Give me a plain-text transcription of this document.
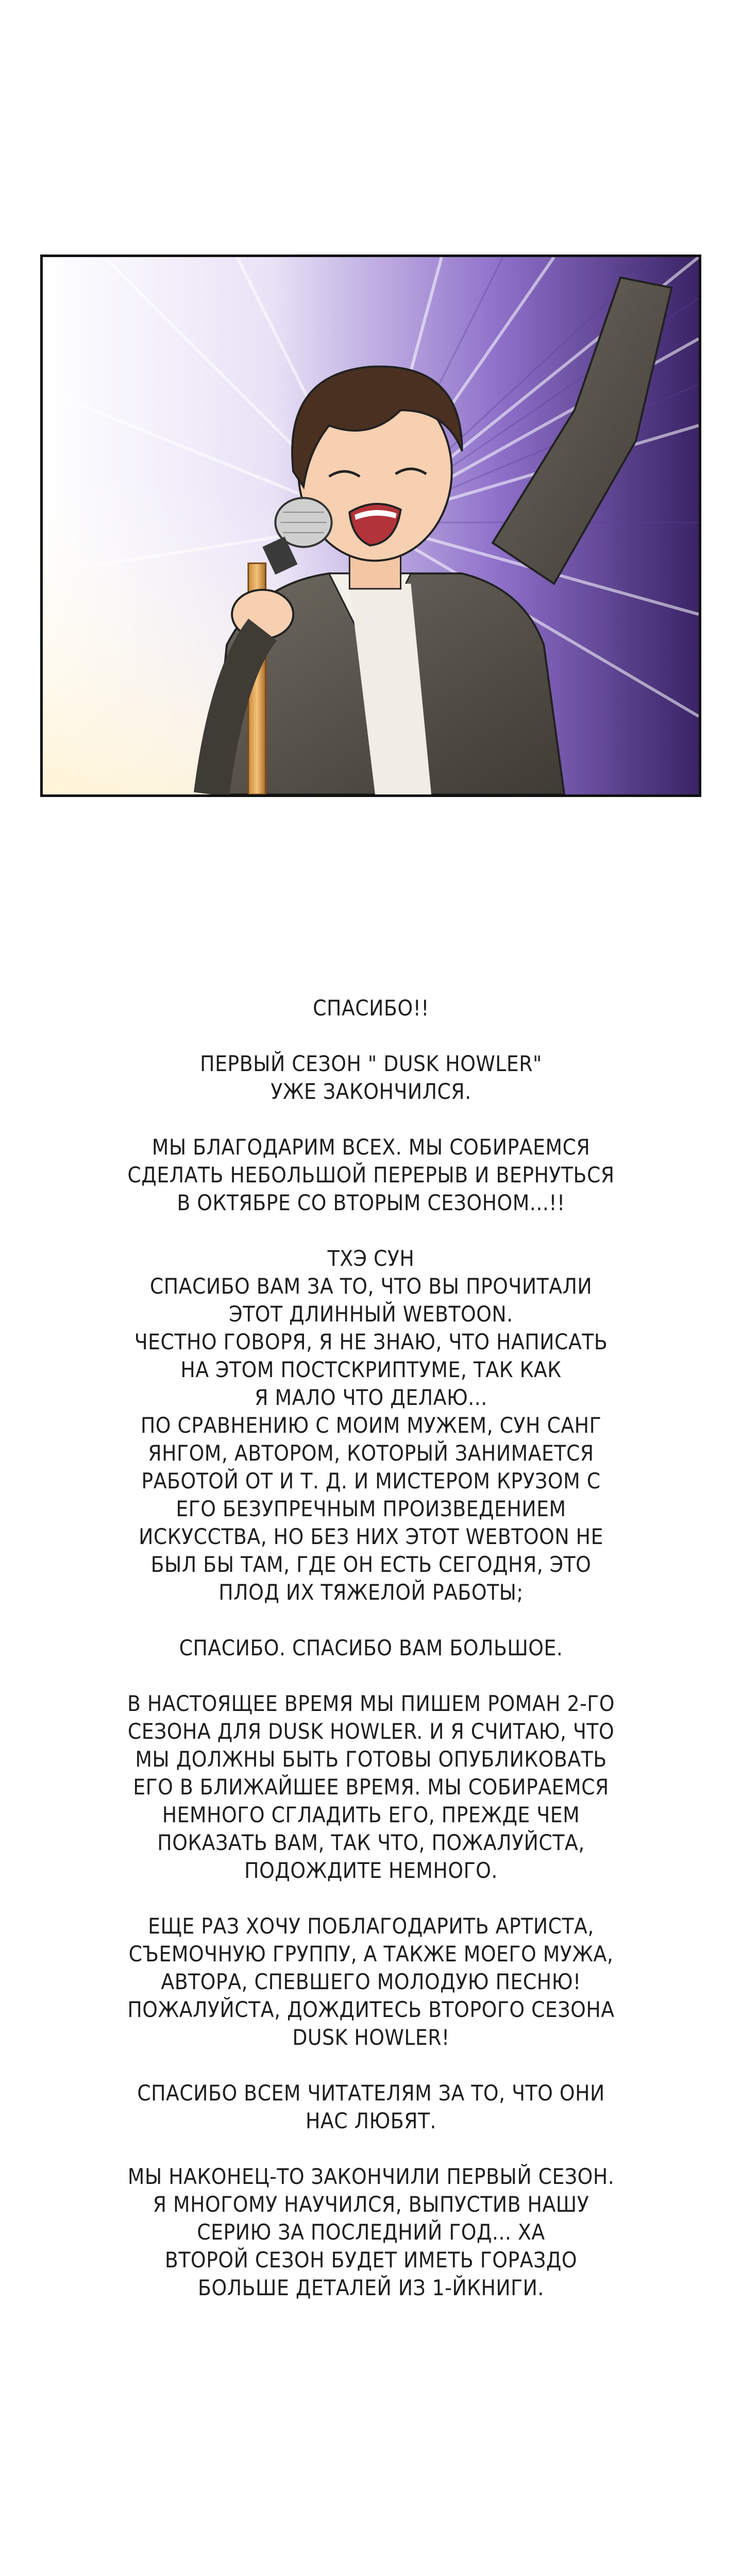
СПАСИБО!!

ПЕРВЫЙ СЕЗОН " DUSK HOWLER"
УЖЕ ЗАКОНЧИЛСЯ.

МЫ БЛАГОДАРИМ ВСЕХ. МЫ СОБИРАЕМСЯ
СДЕЛАТЬ НЕБОЛЬШОЙ ПЕРЕРЫВ И ВЕРНУТЬСЯ
В ОКТЯБРЕ СО ВТОРЫМ СЕЗОНОМ...!!

ТХЭ СУН
СПАСИБО ВАМ ЗА ТО, ЧТО ВЫ ПРОЧИТАЛИ
ЭТОТ ДЛИННЫЙ WEBTOON.
ЧЕСТНО ГОВОРЯ, Я НЕ ЗНАЮ, ЧТО НАПИСАТЬ
НА ЭТОМ ПОСТСКРИПТУМЕ, ТАК КАК
Я МАЛО ЧТО ДЕЛАЮ...
ПО СРАВНЕНИЮ С МОИМ МУЖЕМ, СУН САНГ
ЯНГОМ, АВТОРОМ, КОТОРЫЙ ЗАНИМАЕТСЯ
РАБОТОЙ ОТ И Т. Д. И МИСТЕРОМ КРУЗОМ С
ЕГО БЕЗУПРЕЧНЫМ ПРОИЗВЕДЕНИЕМ
ИСКУССТВА, НО БЕЗ НИХ ЭТОТ WEBTOON НЕ
БЫЛ БЫ ТАМ, ГДЕ ОН ЕСТЬ СЕГОДНЯ, ЭТО
ПЛОД ИХ ТЯЖЕЛОЙ РАБОТЫ;

СПАСИБО. СПАСИБО ВАМ БОЛЬШОЕ.

В НАСТОЯЩЕЕ ВРЕМЯ МЫ ПИШЕМ РОМАН 2-ГО
СЕЗОНА ДЛЯ DUSK HOWLER. И Я СЧИТАЮ, ЧТО
МЫ ДОЛЖНЫ БЫТЬ ГОТОВЫ ОПУБЛИКОВАТЬ
ЕГО В БЛИЖАЙШЕЕ ВРЕМЯ. МЫ СОБИРАЕМСЯ
НЕМНОГО СГЛАДИТЬ ЕГО, ПРЕЖДЕ ЧЕМ
ПОКАЗАТЬ ВАМ, ТАК ЧТО, ПОЖАЛУЙСТА,
ПОДОЖДИТЕ НЕМНОГО.

ЕЩЕ РАЗ ХОЧУ ПОБЛАГОДАРИТЬ АРТИСТА,
СЪЕМОЧНУЮ ГРУППУ, А ТАКЖЕ МОЕГО МУЖА,
АВТОРА, СПЕВШЕГО МОЛОДУЮ ПЕСНЮ!
ПОЖАЛУЙСТА, ДОЖДИТЕСЬ ВТОРОГО СЕЗОНА
DUSK HOWLER!

СПАСИБО ВСЕМ ЧИТАТЕЛЯМ ЗА ТО, ЧТО ОНИ
НАС ЛЮБЯТ.

МЫ НАКОНЕЦ-ТО ЗАКОНЧИЛИ ПЕРВЫЙ СЕЗОН.
Я МНОГОМУ НАУЧИЛСЯ, ВЫПУСТИВ НАШУ
СЕРИЮ ЗА ПОСЛЕДНИЙ ГОД... ХА
ВТОРОЙ СЕЗОН БУДЕТ ИМЕТЬ ГОРАЗДО
БОЛЬШЕ ДЕТАЛЕЙ ИЗ 1-ЙКНИГИ.
